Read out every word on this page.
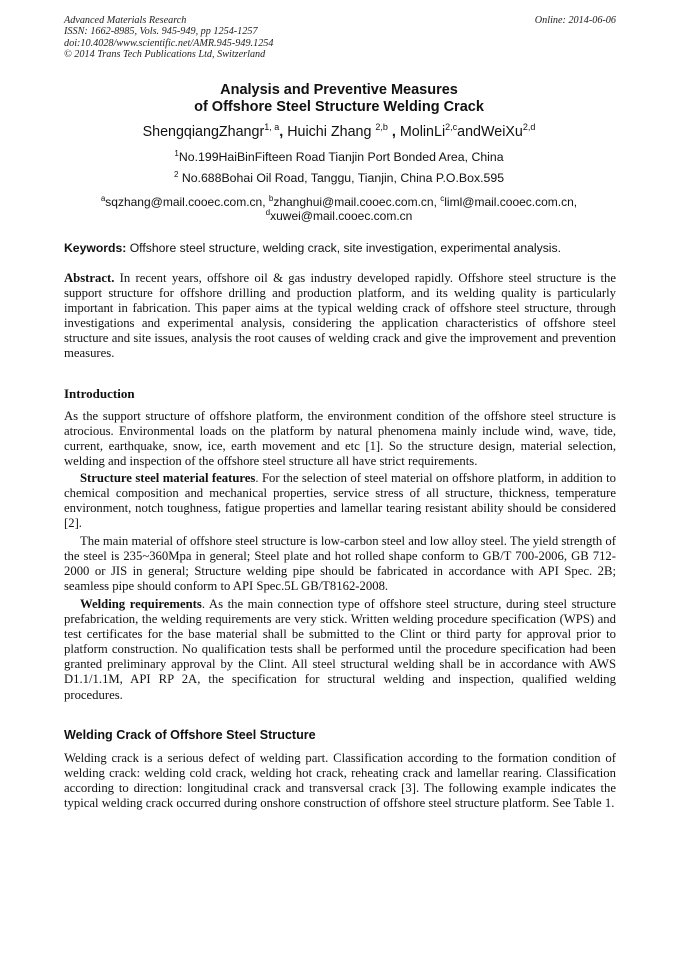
Advanced Materials Research
ISSN: 1662-8985, Vols. 945-949, pp 1254-1257
doi:10.4028/www.scientific.net/AMR.945-949.1254
© 2014 Trans Tech Publications Ltd, Switzerland
Online: 2014-06-06
Analysis and Preventive Measures
of Offshore Steel Structure Welding Crack
ShengqiangZhangr$^{1, a}$, Huichi Zhang $^{2,b}$ , MolinLi$^{2,c}$andWeiXu$^{2,d}$
$^1$No.199HaiBinFifteen Road Tianjin Port Bonded Area, China
$^2$ No.688Bohai Oil Road, Tanggu, Tianjin, China P.O.Box.595
$^a$sqzhang@mail.cooec.com.cn, $^b$zhanghui@mail.cooec.com.cn, $^c$liml@mail.cooec.com.cn,
$^d$xuwei@mail.cooec.com.cn
Keywords: Offshore steel structure, welding crack, site investigation, experimental analysis.
Abstract. In recent years, offshore oil & gas industry developed rapidly. Offshore steel structure is the support structure for offshore drilling and production platform, and its welding quality is particularly important in fabrication. This paper aims at the typical welding crack of offshore steel structure, through investigations and experimental analysis, considering the application characteristics of offshore steel structure and site issues, analysis the root causes of welding crack and give the improvement and prevention measures.
Introduction
As the support structure of offshore platform, the environment condition of the offshore steel structure is atrocious. Environmental loads on the platform by natural phenomena mainly include wind, wave, tide, current, earthquake, snow, ice, earth movement and etc [1]. So the structure design, material selection, welding and inspection of the offshore steel structure all have strict requirements.
Structure steel material features. For the selection of steel material on offshore platform, in addition to chemical composition and mechanical properties, service stress of all structure, thickness, temperature environment, notch toughness, fatigue properties and lamellar tearing resistant ability should be considered [2].
The main material of offshore steel structure is low-carbon steel and low alloy steel. The yield strength of the steel is 235~360Mpa in general; Steel plate and hot rolled shape conform to GB/T 700-2006, GB 712-2000 or JIS in general; Structure welding pipe should be fabricated in accordance with API Spec. 2B; seamless pipe should conform to API Spec.5L GB/T8162-2008.
Welding requirements. As the main connection type of offshore steel structure, during steel structure prefabrication, the welding requirements are very stick. Written welding procedure specification (WPS) and test certificates for the base material shall be submitted to the Clint or third party for approval prior to platform construction. No qualification tests shall be performed until the procedure specification had been granted preliminary approval by the Clint. All steel structural welding shall be in accordance with AWS D1.1/1.1M, API RP 2A, the specification for structural welding and inspection, qualified welding procedures.
Welding Crack of Offshore Steel Structure
Welding crack is a serious defect of welding part. Classification according to the formation condition of welding crack: welding cold crack, welding hot crack, reheating crack and lamellar rearing. Classification according to direction: longitudinal crack and transversal crack [3]. The following example indicates the typical welding crack occurred during onshore construction of offshore steel structure platform. See Table 1.
